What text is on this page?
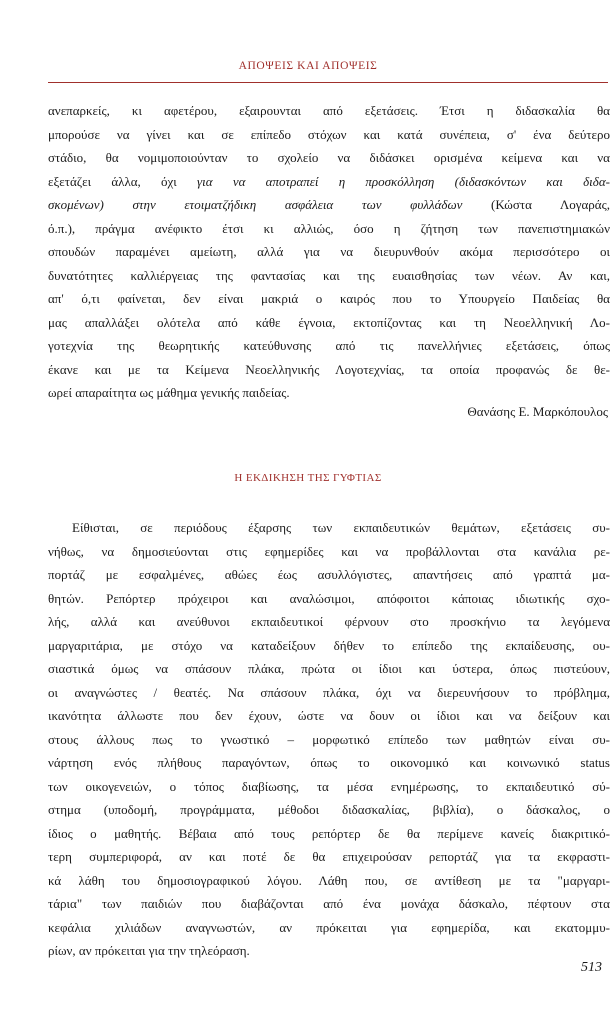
ΑΠΟΨΕΙΣ ΚΑΙ ΑΠΟΨΕΙΣ
ανεπαρκείς, κι αφετέρου, εξαιρουνται από εξετάσεις. Έτσι η διδασκαλία θα
μπορούσε να γίνει και σε επίπεδο στόχων και κατά συνέπεια, σ' ένα δεύτερο
στάδιο, θα νομιμοποιούνταν το σχολείο να διδάσκει ορισμένα κείμενα και να
εξετάζει άλλα, όχι για να αποτραπεί η προσκόλληση (διδασκόντων και διδα-
σκομένων) στην ετοιματζήδικη ασφάλεια των φυλλάδων (Κώστα Λογαράς,
ό.π.), πράγμα ανέφικτο έτσι κι αλλιώς, όσο η ζήτηση των πανεπιστημιακών
σπουδών παραμένει αμείωτη, αλλά για να διευρυνθούν ακόμα περισσότερο οι
δυνατότητες καλλιέργειας της φαντασίας και της ευαισθησίας των νέων. Αν και,
απ' ό,τι φαίνεται, δεν είναι μακριά ο καιρός που το Υπουργείο Παιδείας θα
μας απαλλάξει ολότελα από κάθε έγνοια, εκτοπίζοντας και τη Νεοελληνική Λο-
γοτεχνία της θεωρητικής κατεύθυνσης από τις πανελλήνιες εξετάσεις, όπως
έκανε και με τα Κείμενα Νεοελληνικής Λογοτεχνίας, τα οποία προφανώς δε θε-
ωρεί απαραίτητα ως μάθημα γενικής παιδείας.
Θανάσης Ε. Μαρκόπουλος
Η ΕΚΔΙΚΗΣΗ ΤΗΣ ΓΥΦΤΙΑΣ
Είθισται, σε περιόδους έξαρσης των εκπαιδευτικών θεμάτων, εξετάσεις συ-
νήθως, να δημοσιεύονται στις εφημερίδες και να προβάλλονται στα κανάλια ρε-
πορτάζ με εσφαλμένες, αθώες έως ασυλλόγιστες, απαντήσεις από γραπτά μα-
θητών. Ρεπόρτερ πρόχειροι και αναλώσιμοι, απόφοιτοι κάποιας ιδιωτικής σχο-
λής, αλλά και ανεύθυνοι εκπαιδευτικοί φέρνουν στο προσκήνιο τα λεγόμενα
μαργαριτάρια, με στόχο να καταδείξουν δήθεν το επίπεδο της εκπαίδευσης, ου-
σιαστικά όμως να σπάσουν πλάκα, πρώτα οι ίδιοι και ύστερα, όπως πιστεύουν,
οι αναγνώστες / θεατές. Να σπάσουν πλάκα, όχι να διερευνήσουν το πρόβλημα,
ικανότητα άλλωστε που δεν έχουν, ώστε να δουν οι ίδιοι και να δείξουν και
στους άλλους πως το γνωστικό – μορφωτικό επίπεδο των μαθητών είναι συ-
νάρτηση ενός πλήθους παραγόντων, όπως το οικονομικό και κοινωνικό status
των οικογενειών, ο τόπος διαβίωσης, τα μέσα ενημέρωσης, το εκπαιδευτικό σύ-
στημα (υποδομή, προγράμματα, μέθοδοι διδασκαλίας, βιβλία), ο δάσκαλος, ο
ίδιος ο μαθητής. Βέβαια από τους ρεπόρτερ δε θα περίμενε κανείς διακριτικό-
τερη συμπεριφορά, αν και ποτέ δε θα επιχειρούσαν ρεπορτάζ για τα εκφραστι-
κά λάθη του δημοσιογραφικού λόγου. Λάθη που, σε αντίθεση με τα "μαργαρι-
τάρια" των παιδιών που διαβάζονται από ένα μονάχα δάσκαλο, πέφτουν στα
κεφάλια χιλιάδων αναγνωστών, αν πρόκειται για εφημερίδα, και εκατομμυ-
ρίων, αν πρόκειται για την τηλεόραση.
513
